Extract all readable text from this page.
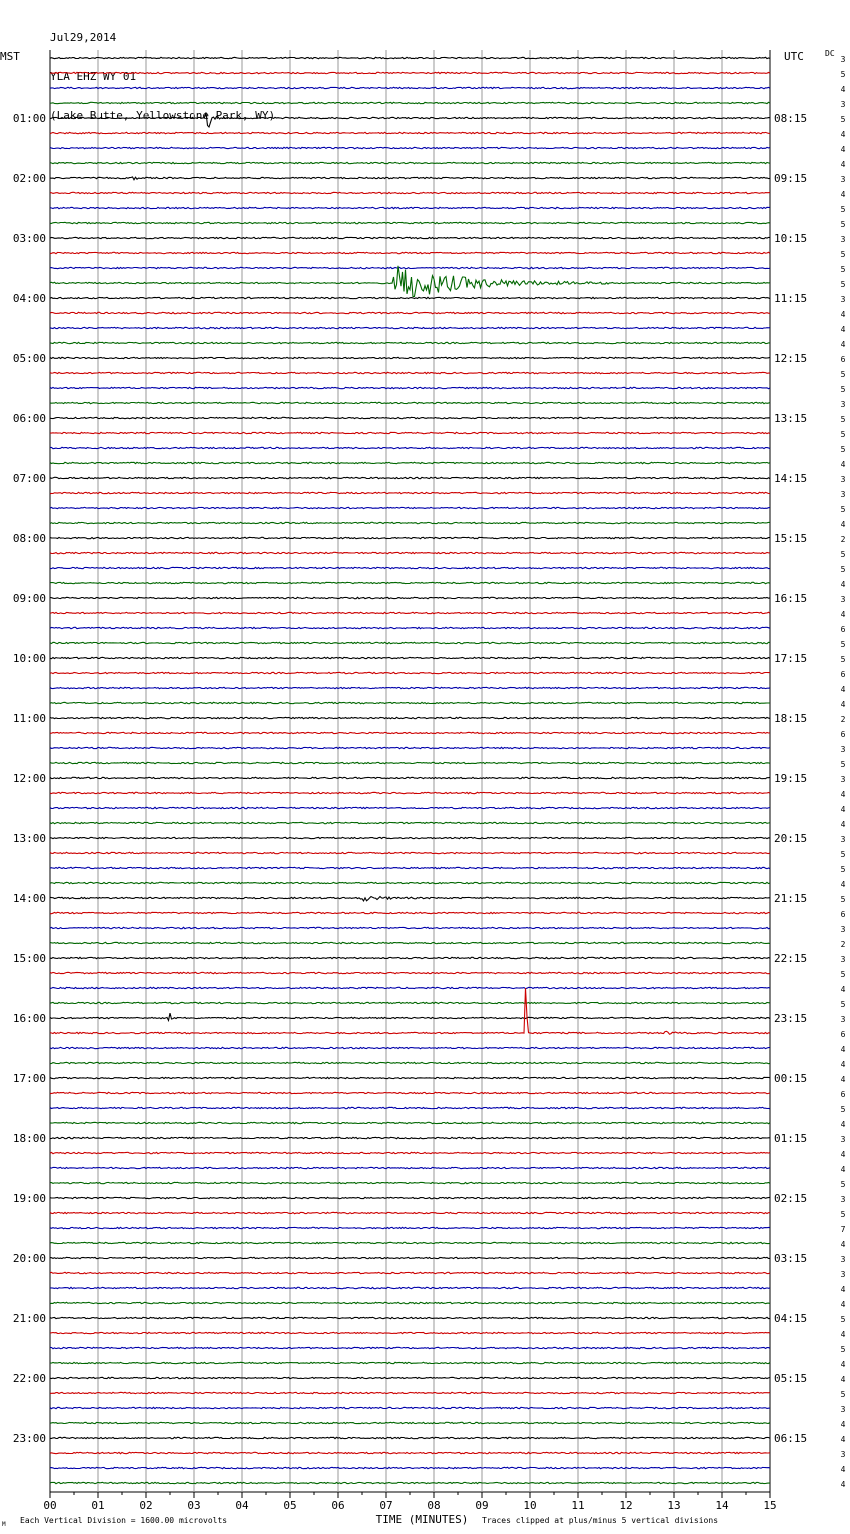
Jul29,2014

YLA EHZ WY 01

(Lake Butte, Yellowstone Park, WY)

3
5
4
3
5
4
4
4
3
4
5
5
3
5
5
5
3
4
4
4
6
5
5
3
5
5
5
4
3
3
5
4
2
5
5
4
3
4
6
5
5
6
4
4
2
6
3
5
3
4
4
4
3
5
5
4
5
6
3
2
3
5
4
5
3
6
4
4
4
6
5
4
3
4
4
5
3
5
7
4
3
3
4
4
5
4
5
4
4
5
3
4
4
3
4
4
01:00
02:00
03:00
04:00
05:00
06:00
07:00
08:00
09:00
10:00
11:00
12:00
13:00
14:00
15:00
16:00
17:00
18:00
19:00
20:00
21:00
22:00
23:00
08:15
09:15
10:15
11:15
12:15
13:15
14:15
15:15
16:15
17:15
18:15
19:15
20:15
21:15
22:15
23:15
00:15
01:15
02:15
03:15
04:15
05:15
06:15
MST	UTC	DC
00	01	02	03	04	05	06	07	08	09	10	11	12	13	14	15
TIME (MINUTES)
Each Vertical Division = 1600.00 microvolts	Traces clipped at plus/minus 5 vertical divisions
M
